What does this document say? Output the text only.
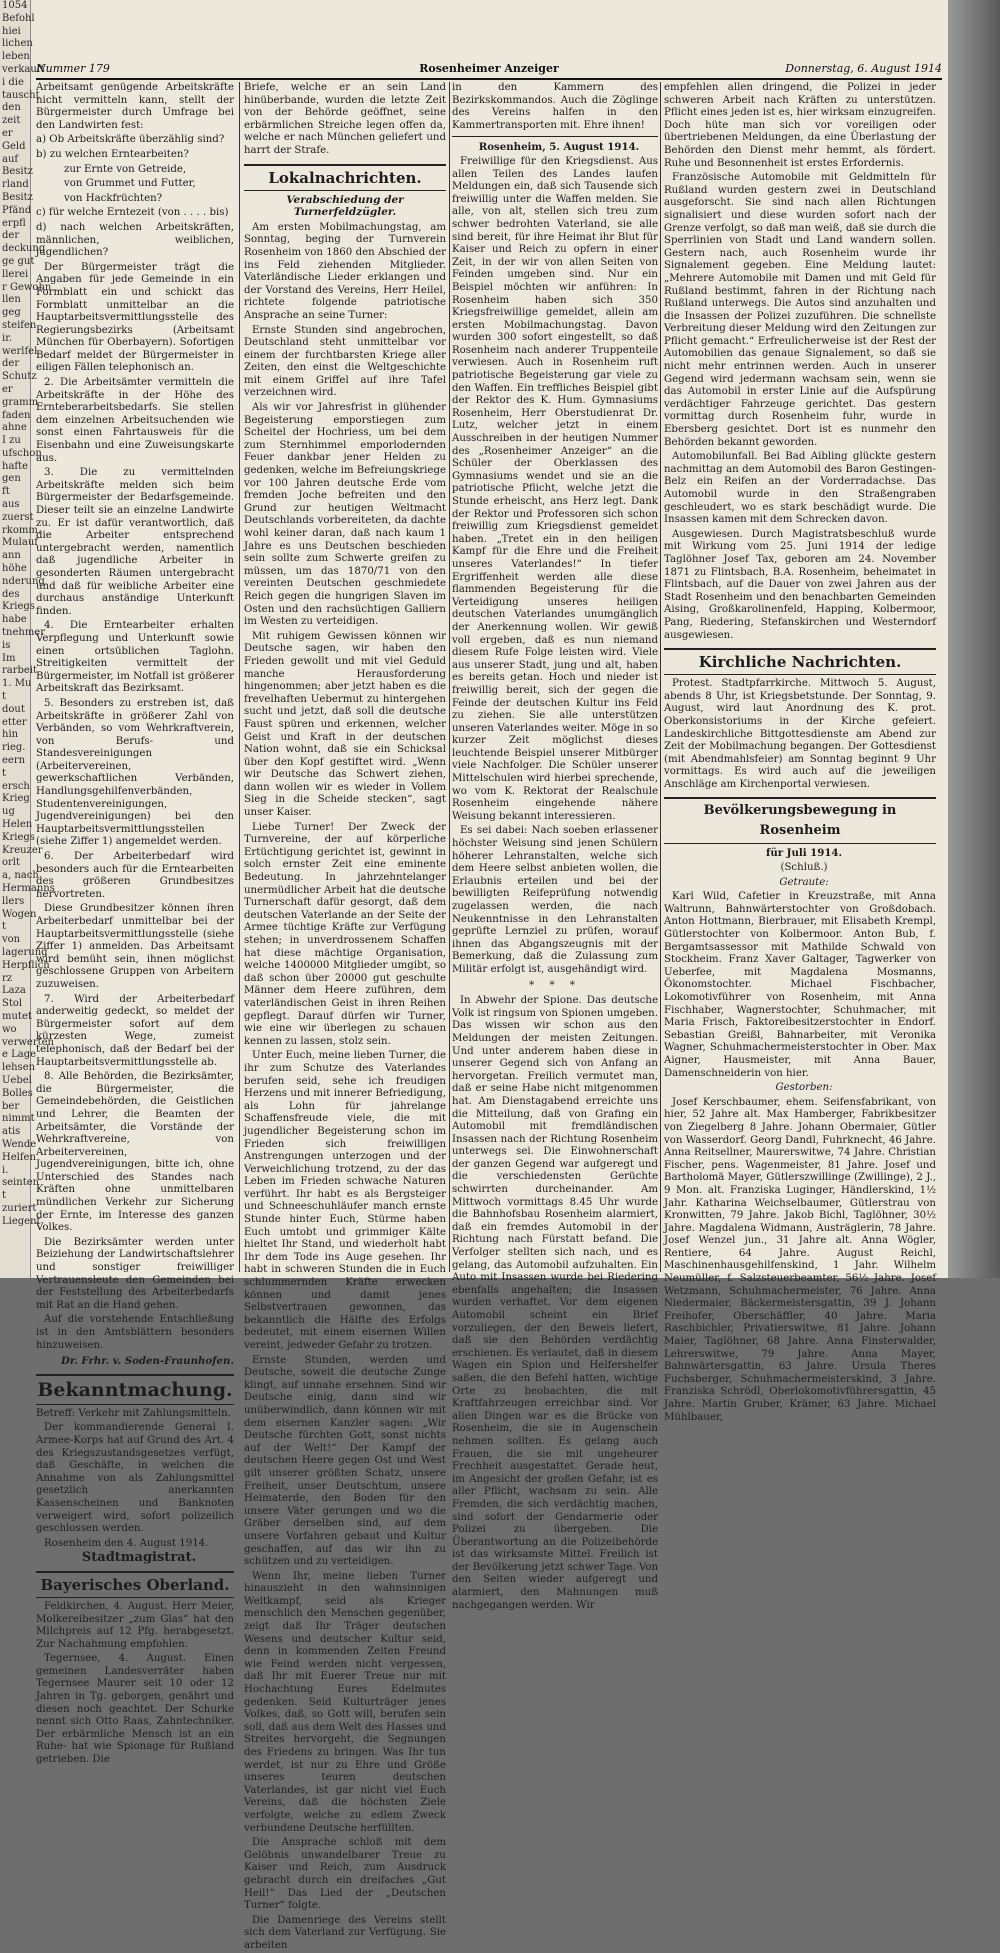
1054
Befohl
hiei
lichen
leben
verkauft
i die
tauscht
den
zeit
er
Geld
auf
Besitz
rland
Besitz
Pfänd
erpfl
der
deckung
ge gut
llerei
r Gewohn
llen
geg
steifen
ir.
werlfel
der
Schutz
er
gramm
faden
ahne
I zu
ufschon
hafte
gen
ft
aus
zuerst
rkomm.
Mulauf
ann
höhe
nderung
des
Kriegs
habe
tnehmer
is
Im
rarbeit
1. Mu
t
dout
etter
hin
rieg.
eern
t
ersch
Krieg
ug
Helen
Kriegs
Kreuzer
orlt
a, nach
Hermanns
llers
Wogen
t
von
lagerung
Herpflich
rz
Laza
Stol
mutet
wo
verwerten
e Lage
lehsen
Uebel
Bolles
ber
nimmt
atis
Wende
Helfen
i.
seinten
t
zuriert
Liegent
Nummer 179	Rosenheimer Anzeiger	Donnerstag, 6. August 1914

Arbeitsamt genügende Arbeitskräfte nicht vermitteln kann, stellt der Bürgermeister durch Umfrage bei den Landwirten fest:

a) Ob Arbeitskräfte überzählig sind?

b) zu welchen Erntearbeiten?

zur Ernte von Getreide,

von Grummet und Futter,

von Hackfrüchten?

c) für welche Erntezeit (von . . . . bis)

d) nach welchen Arbeitskräften, männlichen, weiblichen, jugendlichen?

Der Bürgermeister trägt die Angaben für jede Gemeinde in ein Formblatt ein und schickt das Formblatt unmittelbar an die Hauptarbeitsvermittlungsstelle des Regierungsbezirks (Arbeitsamt München für Oberbayern). Sofortigen Bedarf meldet der Bürgermeister in eiligen Fällen telephonisch an.

2. Die Arbeitsämter vermitteln die Arbeitskräfte in der Höhe des Ernteberarbeitsbedarfs. Sie stellen dem einzelnen Arbeitsuchenden wie sonst einen Fahrtausweis für die Eisenbahn und eine Zuweisungskarte aus.

3. Die zu vermittelnden Arbeitskräfte melden sich beim Bürgermeister der Bedarfsgemeinde. Dieser teilt sie an einzelne Landwirte zu. Er ist dafür verantwortlich, daß die Arbeiter entsprechend untergebracht werden, namentlich daß jugendliche Arbeiter in gesonderten Räumen untergebracht und daß für weibliche Arbeiter eine durchaus anständige Unterkunft finden.

4. Die Erntearbeiter erhalten Verpflegung und Unterkunft sowie einen ortsüblichen Taglohn. Streitigkeiten vermittelt der Bürgermeister, im Notfall ist größerer Arbeitskraft das Bezirksamt.

5. Besonders zu erstreben ist, daß Arbeitskräfte in größerer Zahl von Verbänden, so vom Wehrkraftverein, von Berufs- und Standesvereinigungen (Arbeitervereinen, gewerkschaftlichen Verbänden, Handlungsgehilfenverbänden, Studentenvereinigungen, Jugendvereinigungen) bei den Hauptarbeitsvermittlungsstellen (siehe Ziffer 1) angemeldet werden.

6. Der Arbeiterbedarf wird besonders auch für die Erntearbeiten des größeren Grundbesitzes hervortreten.

Diese Grundbesitzer können ihren Arbeiterbedarf unmittelbar bei der Hauptarbeitsvermittlungsstelle (siehe Ziffer 1) anmelden. Das Arbeitsamt wird bemüht sein, ihnen möglichst geschlossene Gruppen von Arbeitern zuzuweisen.

7. Wird der Arbeiterbedarf anderweitig gedeckt, so meldet der Bürgermeister sofort auf dem kürzesten Wege, zumeist telephonisch, daß der Bedarf bei der Hauptarbeitsvermittlungsstelle ab.

8. Alle Behörden, die Bezirksämter, die Bürgermeister, die Gemeindebehörden, die Geistlichen und Lehrer, die Beamten der Arbeitsämter, die Vorstände der Wehrkraftvereine, von Arbeitervereinen, Jugendvereinigungen, bitte ich, ohne Unterschied des Standes nach Kräften ohne unmittelbaren mündlichen Verkehr zur Sicherung der Ernte, im Interesse des ganzen Volkes.

Die Bezirksämter werden unter Beiziehung der Landwirtschaftslehrer und sonstiger freiwilliger Vertrauensleute den Gemeinden bei der Feststellung des Arbeiterbedarfs mit Rat an die Hand gehen.

Auf die vorstehende Entschließung ist in den Amtsblättern besonders hinzuweisen.

Dr. Frhr. v. Soden-Fraunhofen.
Bekanntmachung.

Betreff: Verkehr mit Zahlungsmitteln.

Der kommandierende General I. Armee-Korps hat auf Grund des Art. 4 des Kriegszustandsgesetzes verfügt, daß Geschäfte, in welchen die Annahme von als Zahlungsmittel gesetzlich anerkannten Kassenscheinen und Banknoten verweigert wird, sofort polizeilich geschlossen werden.

Rosenheim den 4. August 1914.

Stadtmagistrat.

Bayerisches Oberland.

Feldkirchen, 4. August. Herr Meier, Molkereibesitzer „zum Glas“ hat den Milchpreis auf 12 Pfg. herabgesetzt. Zur Nachahmung empfohlen.

Tegernsee, 4. August. Einen gemeinen Landesverräter haben Tegernsee Maurer seit 10 oder 12 Jahren in Tg. geborgen, genährt und diesen noch geachtet. Der Schurke nennt sich Otto Raas, Zahntechniker. Der erbärmliche Mensch ist an ein Ruhe- hat wie Spionage für Rußland getrieben. Die

Briefe, welche er an sein Land hinüberbande, wurden die letzte Zeit von der Behörde geöffnet, seine erbärmlichen Streiche legen offen da, welche er nach München geliefert und harrt der Strafe.

Lokalnachrichten.
Verabschiedung der Turnerfeldzügler.

Am ersten Mobilmachungstag, am Sonntag, beging der Turnverein Rosenheim von 1860 den Abschied der ins Feld ziehenden Mitglieder. Vaterländische Lieder erklangen und der Vorstand des Vereins, Herr Heilel, richtete folgende patriotische Ansprache an seine Turner:

Ernste Stunden sind angebrochen, Deutschland steht unmittelbar vor einem der furchtbarsten Kriege aller Zeiten, den einst die Weltgeschichte mit einem Griffel auf ihre Tafel verzeichnen wird.

Als wir vor Jahresfrist in glühender Begeisterung emporstiegen zum Scheitel der Hochriess, um bei dem zum Sternhimmel emporlodernden Feuer dankbar jener Helden zu gedenken, welche im Befreiungskriege vor 100 Jahren deutsche Erde vom fremden Joche befreiten und den Grund zur heutigen Weltmacht Deutschlands vorbereiteten, da dachte wohl keiner daran, daß nach kaum 1 Jahre es uns Deutschen beschieden sein sollte zum Schwerte greifen zu müssen, um das 1870/71 von den vereinten Deutschen geschmiedete Reich gegen die hungrigen Slaven im Osten und den rachsüchtigen Galliern im Westen zu verteidigen.

Mit ruhigem Gewissen können wir Deutsche sagen, wir haben den Frieden gewollt und mit viel Geduld manche Herausforderung hingenommen; aber jetzt haben es die frevelhaften Uebermut zu hintergehen sucht und jetzt, daß soll die deutsche Faust spüren und erkennen, welcher Geist und Kraft in der deutschen Nation wohnt, daß sie ein Schicksal über den Kopf gestiftet wird. „Wenn wir Deutsche das Schwert ziehen, dann wollen wir es wieder in Vollem Sieg in die Scheide stecken“, sagt unser Kaiser.

Liebe Turner! Der Zweck der Turnvereine, der auf körperliche Ertüchtigung gerichtet ist, gewinnt in solch ernster Zeit eine eminente Bedeutung. In jahrzehntelanger unermüdlicher Arbeit hat die deutsche Turnerschaft dafür gesorgt, daß dem deutschen Vaterlande an der Seite der Armee tüchtige Kräfte zur Verfügung stehen; in unverdrossenem Schaffen hat diese mächtige Organisation, welche 1400000 Mitglieder umgibt, so daß schon über 20000 gut geschulte Männer dem Heere zuführen, dem vaterländischen Geist in ihren Reihen gepflegt. Darauf dürfen wir Turner, wie eine wir überlegen zu schauen kennen zu lassen, stolz sein.

Unter Euch, meine lieben Turner, die ihr zum Schutze des Vaterlandes berufen seid, sehe ich freudigen Herzens und mit innerer Befriedigung, als Lohn für jahrelange Schaffensfreude viele, die mit jugendlicher Begeisterung schon im Frieden sich freiwilligen Anstrengungen unterzogen und der Verweichlichung trotzend, zu der das Leben im Frieden schwache Naturen verführt. Ihr habt es als Bergsteiger und Schneeschuhläufer manch ernste Stunde hinter Euch, Stürme haben Euch umtobt und grimmiger Kälte hieltet Ihr Stand, und wiederholt habt Ihr dem Tode ins Auge gesehen. Ihr habt in schweren Stunden die in Euch schlummernden Kräfte erwecken können und damit jenes Selbstvertrauen gewonnen, das bekanntlich die Hälfte des Erfolgs bedeutet, mit einem eisernen Willen vereint, jedweder Gefahr zu trotzen.

Ernste Stunden, werden und Deutsche, soweit die deutsche Zunge klingt, auf unnahe ersehnen. Sind wir Deutsche einig, dann sind wir unüberwindlich, dann können wir mit dem eisernen Kanzler sagen: „Wir Deutsche fürchten Gott, sonst nichts auf der Welt!“ Der Kampf der deutschen Heere gegen Ost und West gilt unserer größten Schatz, unsere Freiheit, unser Deutschtum, unsere Heimaterde, den Boden für den unsere Väter gerungen und wo die Gräber derselben sind, auf dem unsere Vorfahren gebaut und Kultur geschaffen, auf das wir ihn zu schützen und zu verteidigen.

Wenn Ihr, meine lieben Turner hinauszieht in den wahnsinnigen Weltkampf, seid als Krieger menschlich den Menschen gegenüber, zeigt daß Ihr Träger deutschen Wesens und deutscher Kultur seid, denn in kommenden Zeiten Freund wie Feind werden nicht vergessen, daß Ihr mit Euerer Treue nur mit Hochachtung Eures Edelmutes gedenken. Seid Kulturträger jenes Volkes, daß, so Gott will, berufen sein soll, daß aus dem Welt des Hasses und Streites hervorgeht, die Segnungen des Friedens zu bringen. Was Ihr tun werdet, ist nur zu Ehre und Größe unseres teuren deutschen Vaterlandes, ist gar nicht viel Euch Vereins, daß die höchsten Ziele verfolgte, welche zu edlem Zweck verbundene Deutsche herfüllten.

Die Ansprache schloß mit dem Gelöbnis unwandelbarer Treue zu Kaiser und Reich, zum Ausdruck gebracht durch ein dreifaches „Gut Heil!“ Das Lied der „Deutschen Turner“ folgte.

Die Damenriege des Vereins stellt sich dem Vaterland zur Verfügung. Sie arbeiten

in den Kammern des Bezirkskommandos. Auch die Zöglinge des Vereins halfen in den Kammertransporten mit. Ehre ihnen!

Rosenheim, 5. August 1914.

Freiwillige für den Kriegsdienst. Aus allen Teilen des Landes laufen Meldungen ein, daß sich Tausende sich freiwillig unter die Waffen melden. Sie alle, von alt, stellen sich treu zum schwer bedrohten Vaterland, sie alle sind bereit, für ihre Heimat ihr Blut für Kaiser und Reich zu opfern in einer Zeit, in der wir von allen Seiten von Feinden umgeben sind. Nur ein Beispiel möchten wir anführen: In Rosenheim haben sich 350 Kriegsfreiwillige gemeldet, allein am ersten Mobilmachungstag. Davon wurden 300 sofort eingestellt, so daß Rosenheim nach anderer Truppenteile verwiesen. Auch in Rosenheim ruft patriotische Begeisterung gar viele zu den Waffen. Ein treffliches Beispiel gibt der Rektor des K. Hum. Gymnasiums Rosenheim, Herr Oberstudienrat Dr. Lutz, welcher jetzt in einem Ausschreiben in der heutigen Nummer des „Rosenheimer Anzeiger“ an die Schüler der Oberklassen des Gymnasiums wendet und sie an die patriotische Pflicht, welche jetzt die Stunde erheischt, ans Herz legt. Dank der Rektor und Professoren sich schon freiwillig zum Kriegsdienst gemeldet haben. „Tretet ein in den heiligen Kampf für die Ehre und die Freiheit unseres Vaterlandes!“ In tiefer Ergriffenheit werden alle diese flammenden Begeisterung für die Verteidigung unseres heiligen deutschen Vaterlandes unumgänglich der Anerkennung wollen. Wir gewiß voll ergeben, daß es nun niemand diesem Rufe Folge leisten wird. Viele aus unserer Stadt, jung und alt, haben es bereits getan. Hoch und nieder ist freiwillig bereit, sich der gegen die Feinde der deutschen Kultur ins Feld zu ziehen. Sie alle unterstützen unseren Vaterlandes weiter. Möge in so kurzer Zeit möglichst dieses leuchtende Beispiel unserer Mitbürger viele Nachfolger. Die Schüler unserer Mittelschulen wird hierbei sprechende, wo vom K. Rektorat der Realschule Rosenheim eingehende nähere Weisung bekannt interessieren.

Es sei dabei: Nach soeben erlassener höchster Weisung sind jenen Schülern höherer Lehranstalten, welche sich dem Heere selbst anbieten wollen, die Erlaubnis erteilen und bei der bewilligten Reifeprüfung notwendig zugelassen werden, die nach Neukenntnisse in den Lehranstalten geprüfte Lernziel zu prüfen, worauf ihnen das Abgangszeugnis mit der Bemerkung, daß die Zulassung zum Militär erfolgt ist, ausgehändigt wird.

* * *

In Abwehr der Spione. Das deutsche Volk ist ringsum von Spionen umgeben. Das wissen wir schon aus den Meldungen der meisten Zeitungen. Und unter anderem haben diese in unserer Gegend sich von Anfang an hervorgetan. Freilich vermutet man, daß er seine Habe nicht mitgenommen hat. Am Dienstagabend erreichte uns die Mitteilung, daß von Grafing ein Automobil mit fremdländischen Insassen nach der Richtung Rosenheim unterwegs sei. Die Einwohnerschaft der ganzen Gegend war aufgeregt und die verschiedensten Gerüchte schwirrten durcheinander. Am Mittwoch vormittags 8.45 Uhr wurde die Bahnhofsbau Rosenheim alarmiert, daß ein fremdes Automobil in der Richtung nach Fürstatt befand. Die Verfolger stellten sich nach, und es gelang, das Automobil aufzuhalten. Ein Auto mit Insassen wurde bei Riedering ebenfalls angehalten; die Insassen wurden verhaftet. Vor dem eigenen Automobil scheint ein Brief vorzuliegen, der den Beweis liefert, daß sie den Behörden verdächtig erschienen. Es verlautet, daß in diesem Wagen ein Spion und Helfershelfer saßen, die den Befehl hatten, wichtige Orte zu beobachten, die mit Kraftfahrzeugen erreichbar sind. Vor allen Dingen war es die Brücke von Rosenheim, die sie in Augenschein nehmen sollten. Es gelang auch Frauen, die sie mit ungeheurer Frechheit ausgestattet. Gerade heut, im Angesicht der großen Gefahr, ist es aller Pflicht, wachsam zu sein. Alle Fremden, die sich verdächtig machen, sind sofort der Gendarmerie oder Polizei zu übergeben. Die Überantwortung an die Polizeibehörde ist das wirksamste Mittel. Freilich ist der Bevölkerung jetzt schwer Tage. Von den Seiten wieder aufgeregt und alarmiert, den Mahnungen muß nachgegangen werden. Wir

empfehlen allen dringend, die Polizei in jeder schweren Arbeit nach Kräften zu unterstützen. Pflicht eines jeden ist es, hier wirksam einzugreifen. Doch hüte man sich vor voreiligen oder übertriebenen Meldungen, da eine Überlastung der Behörden den Dienst mehr hemmt, als fördert. Ruhe und Besonnenheit ist erstes Erfordernis.

Französische Automobile mit Geldmitteln für Rußland wurden gestern zwei in Deutschland ausgeforscht. Sie sind nach allen Richtungen signalisiert und diese wurden sofort nach der Grenze verfolgt, so daß man weiß, daß sie durch die Sperrlinien von Stadt und Land wandern sollen. Gestern nach, auch Rosenheim wurde ihr Signalement gegeben. Eine Meldung lautet: „Mehrere Automobile mit Damen und mit Geld für Rußland bestimmt, fahren in der Richtung nach Rußland unterwegs. Die Autos sind anzuhalten und die Insassen der Polizei zuzuführen. Die schnellste Verbreitung dieser Meldung wird den Zeitungen zur Pflicht gemacht.“ Erfreulicherweise ist der Rest der Automobilien das genaue Signalement, so daß sie nicht mehr entrinnen werden. Auch in unserer Gegend wird jedermann wachsam sein, wenn sie das Automobil in erster Linie auf die Aufspürung verdächtiger Fahrzeuge gerichtet. Das gestern vormittag durch Rosenheim fuhr, wurde in Ebersberg gesichtet. Dort ist es nunmehr den Behörden bekannt geworden.

Automobilunfall. Bei Bad Aibling glückte gestern nachmittag an dem Automobil des Baron Gestingen-Belz ein Reifen an der Vorderradachse. Das Automobil wurde in den Straßengraben geschleudert, wo es stark beschädigt wurde. Die Insassen kamen mit dem Schrecken davon.

Ausgewiesen. Durch Magistratsbeschluß wurde mit Wirkung vom 25. Juni 1914 der ledige Taglöhner Josef Tax, geboren am 24. November 1871 zu Flintsbach, B.A. Rosenheim, beheimatet in Flintsbach, auf die Dauer von zwei Jahren aus der Stadt Rosenheim und den benachbarten Gemeinden Aising, Großkarolinenfeld, Happing, Kolbermoor, Pang, Riedering, Stefanskirchen und Westerndorf ausgewiesen.

Kirchliche Nachrichten.

Protest. Stadtpfarrkirche. Mittwoch 5. August, abends 8 Uhr, ist Kriegsbetstunde. Der Sonntag, 9. August, wird laut Anordnung des K. prot. Oberkonsistoriums in der Kirche gefeiert. Landeskirchliche Bittgottesdienste am Abend zur Zeit der Mobilmachung begangen. Der Gottesdienst (mit Abendmahlsfeier) am Sonntag beginnt 9 Uhr vormittags. Es wird auch auf die jeweiligen Anschläge am Kirchenportal verwiesen.

Bevölkerungsbewegung in Rosenheim

für Juli 1914.

(Schluß.)

Getraute:

Karl Wild, Cafetier in Kreuzstraße, mit Anna Waltrunn, Bahnwärterstochter von Großdobach. Anton Hottmann, Bierbrauer, mit Elisabeth Krempl, Gütlerstochter von Kolbermoor. Anton Bub, f. Bergamtsassessor mit Mathilde Schwald von Stockheim. Franz Xaver Galtager, Tagwerker von Ueberfee, mit Magdalena Mosmanns, Ökonomstochter. Michael Fischbacher, Lokomotivführer von Rosenheim, mit Anna Fischhaber, Wagnerstochter, Schuhmacher, mit Maria Frisch, Faktoreibesitzerstochter in Endorf. Sebastian Greißl, Bahnarbeiter, mit Veronika Wagner, Schuhmachermeisterstochter in Ober. Max Aigner, Hausmeister, mit Anna Bauer, Damenschneiderin von hier.

Gestorben:

Josef Kerschbaumer, ehem. Seifensfabrikant, von hier, 52 Jahre alt. Max Hamberger, Fabrikbesitzer von Ziegelberg 8 Jahre. Johann Obermaier, Gütler von Wasserdorf. Georg Dandl, Fuhrknecht, 46 Jahre. Anna Reitsellner, Maurerswitwe, 74 Jahre. Christian Fischer, pens. Wagenmeister, 81 Jahre. Josef und Bartholomä Mayer, Gütlerszwillinge (Zwillinge), 2 J., 9 Mon. alt. Franziska Luginger, Händlerskind, 1½ Jahr. Katharina Weichselbaumer, Gütlerstrau von Kronwitten, 79 Jahre. Jakob Bichl, Taglöhner, 30½ Jahre. Magdalena Widmann, Austräglerin, 78 Jahre. Josef Wenzel jun., 31 Jahre alt. Anna Wögler, Rentiere, 64 Jahre. August Reichl, Maschinenhausgehilfenskind, 1 Jahr. Wilhelm Neumüller, f. Salzsteuerbeamter, 56½ Jahre. Josef Wetzmann, Schuhmachermeister, 76 Jahre. Anna Niedermaier, Bäckermeistersgattin, 39 J. Johann Freihofer, Oberschäffler, 40 Jahre. Maria Raschbichler, Privatierswitwe, 81 Jahre. Johann Maier, Taglöhner, 68 Jahre. Anna Finsterwalder, Lehrerswitwe, 79 Jahre. Anna Mayer, Bahnwärtersgattin, 63 Jahre. Ursula Theres Fuchsberger, Schuhmachermeisterskind, 3 Jahre. Franziska Schrödl, Oberlokomotivführersgattin, 45 Jahre. Martin Gruber, Krämer, 63 Jahre. Michael Mühlbauer,
